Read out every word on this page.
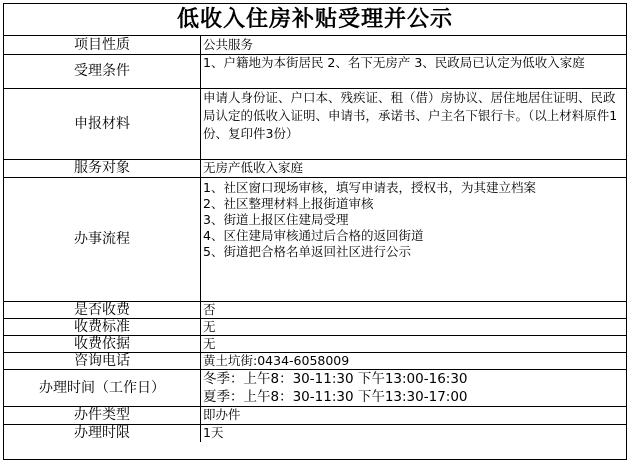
低收入住房补贴受理并公示
项目性质	公共服务
受理条件	1、户籍地为本街居民 2、名下无房产 3、民政局已认定为低收入家庭
申报材料	申请人身份证、户口本、残疾证、租（借）房协议、居住地居住证明、民政局认定的低收入证明、申请书，承诺书、户主名下银行卡。（以上材料原件1份、复印件3份）
服务对象	无房产低收入家庭
办事流程	1、社区窗口现场审核，填写申请表，授权书，为其建立档案
2、社区整理材料上报街道审核
3、街道上报区住建局受理
4、区住建局审核通过后合格的返回街道
5、街道把合格名单返回社区进行公示

是否收费	否
收费标准	无
收费依据	无
咨询电话	黄土坑街:0434-6058009
办理时间（工作日）	冬季：上午8：30-11:30 下午13:00-16:30
夏季：上午8：30-11:30 下午13:30-17:00

办件类型	即办件
办理时限	1天
